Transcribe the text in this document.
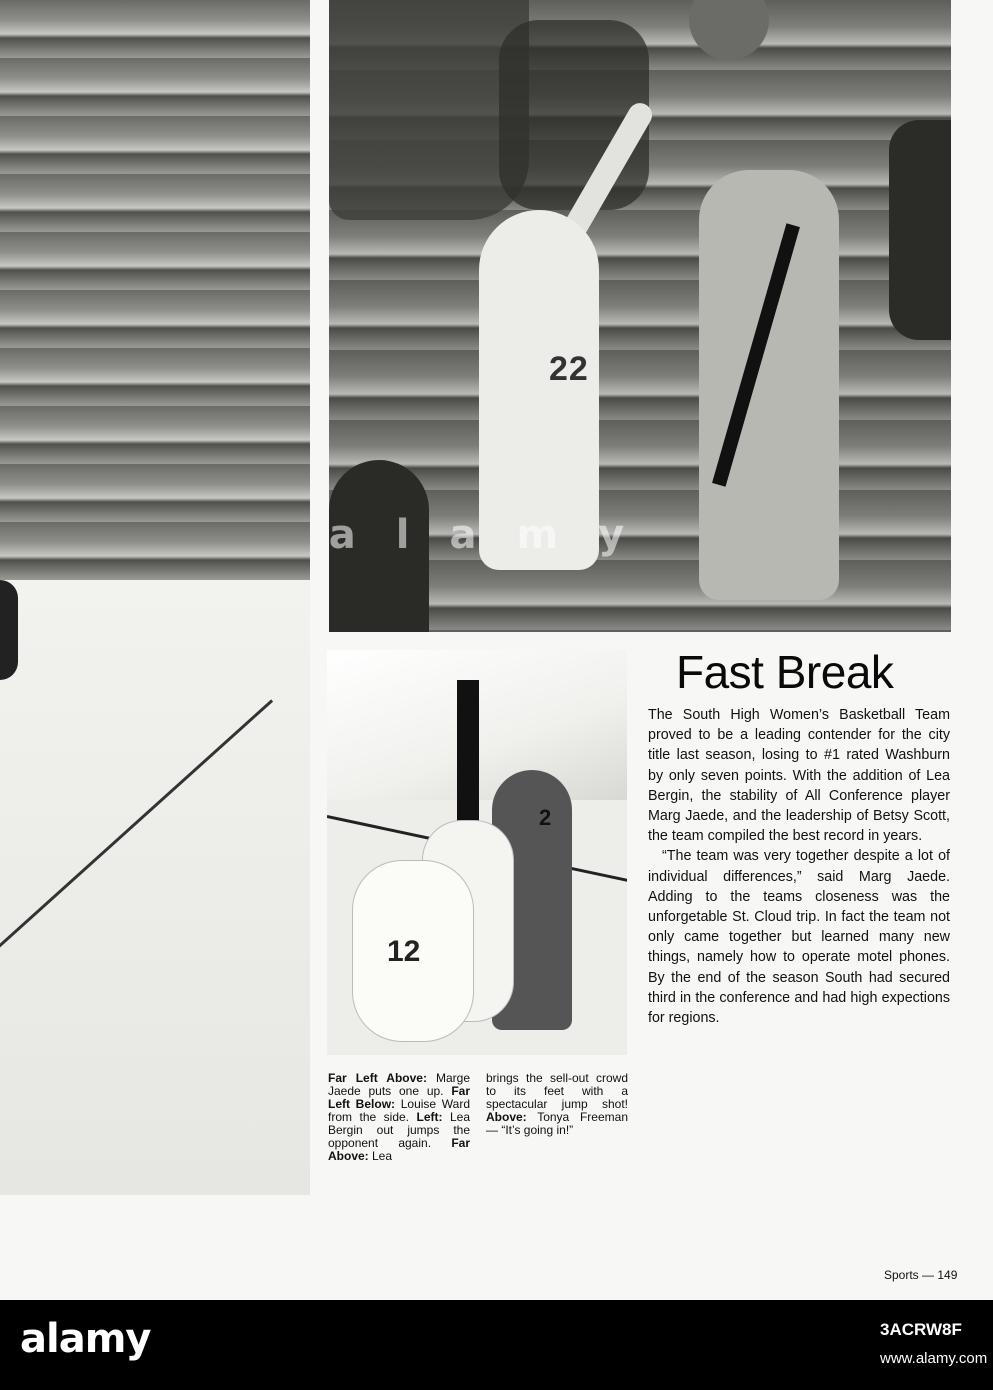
22
2
12
Far Left Above: Marge Jaede puts one up. Far Left Below: Louise Ward from the side. Left: Lea Bergin out jumps the opponent again. Far Above: Lea
brings the sell-out crowd to its feet with a spectacular jump shot! Above: Tonya Freeman — “It’s going in!”
Fast Break

The South High Women’s Basketball Team proved to be a leading contender for the city title last season, losing to #1 rated Washburn by only seven points. With the addition of Lea Bergin, the stability of All Conference player Marg Jaede, and the leadership of Betsy Scott, the team compiled the best record in years.

“The team was very together despite a lot of individual differences,” said Marg Jaede. Adding to the teams closeness was the unforgetable St. Cloud trip. In fact the team not only came together but learned many new things, namely how to operate motel phones. By the end of the season South had secured third in the conference and had high expections for regions.

alamy
Sports — 149
alamy	3ACRW8F
www.alamy.com
